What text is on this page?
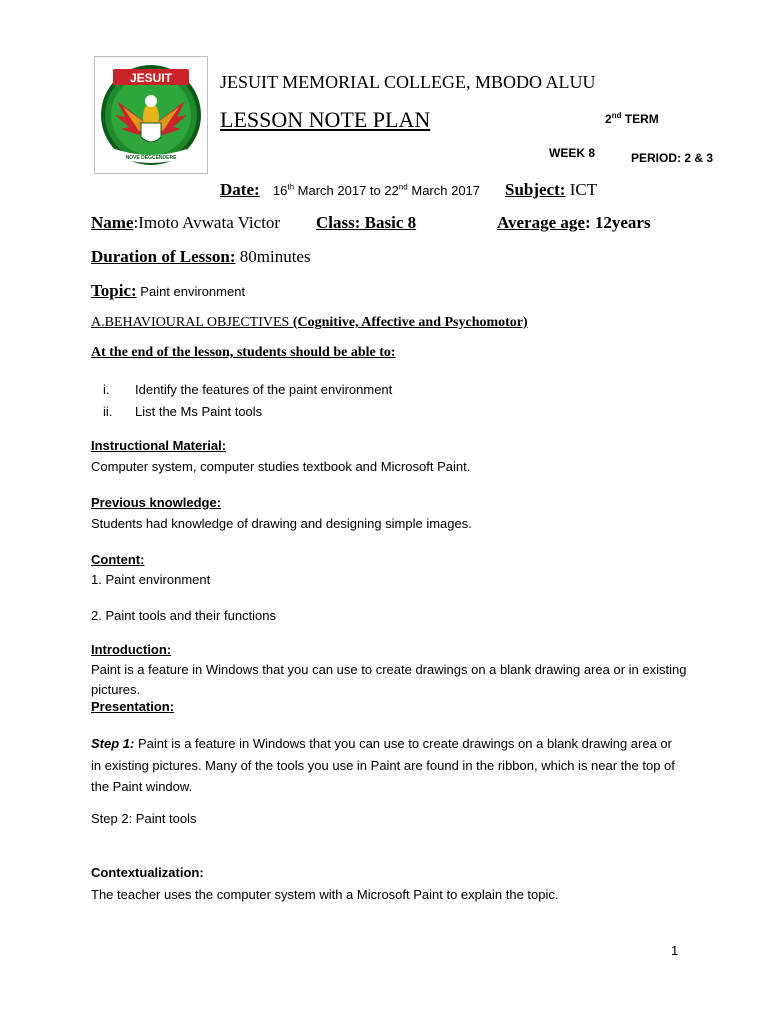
JESUIT
NOVE DEGCENDERE
JESUIT MEMORIAL COLLEGE, MBODO ALUU
LESSON NOTE PLAN	2nd TERM
WEEK 8	PERIOD: 2 & 3
Date: 16th March 2017 to 22nd March 2017 Subject: ICT
Name:Imoto Avwata Victor Class: Basic 8	Average age: 12years
Duration of Lesson: 80minutes
Topic: Paint environment
A.BEHAVIOURAL OBJECTIVES (Cognitive, Affective and Psychomotor)
At the end of the lesson, students should be able to:
i. Identify the features of the paint environment
ii. List the Ms Paint tools
Instructional Material:
Computer system, computer studies textbook and Microsoft Paint.
Previous knowledge:
Students had knowledge of drawing and designing simple images.
Content:
1. Paint environment
2. Paint tools and their functions
Introduction:
Paint is a feature in Windows that you can use to create drawings on a blank drawing area or in existing pictures.
Presentation:
Step 1: Paint is a feature in Windows that you can use to create drawings on a blank drawing area or in existing pictures. Many of the tools you use in Paint are found in the ribbon, which is near the top of the Paint window.
Step 2: Paint tools
Contextualization:
The teacher uses the computer system with a Microsoft Paint to explain the topic.
1
